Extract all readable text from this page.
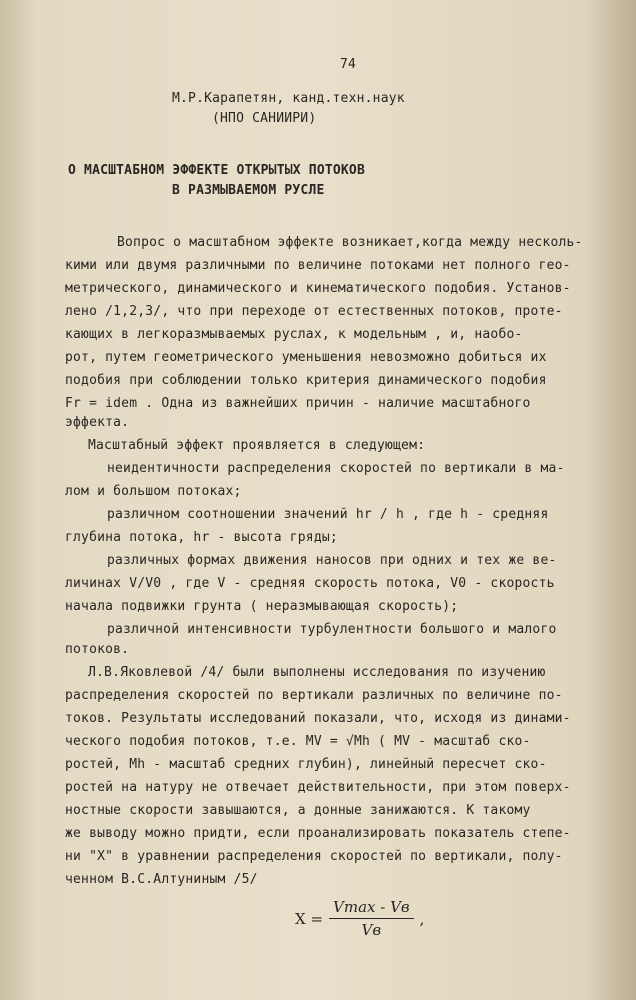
74
М.Р.Карапетян, канд.техн.наук
(НПО САНИИРИ)
О МАСШТАБНОМ ЭФФЕКТЕ ОТКРЫТЫХ ПОТОКОВ
В РАЗМЫВАЕМОМ РУСЛЕ
Вопрос о масштабном эффекте возникает,когда между несколь-
кими или двумя различными по величине потоками нет полного гео-
метрического, динамического и кинематического подобия. Установ-
лено /1,2,3/, что при переходе от естественных потоков, проте-
кающих в легкоразмываемых руслах, к модельным , и, наобо-
рот, путем геометрического уменьшения невозможно добиться их
подобия при соблюдении только критерия динамического подобия
Fr = idem . Одна из важнейших причин - наличие масштабного
эффекта.
Масштабный эффект проявляется в следующем:
неидентичности распределения скоростей по вертикали в ма-
лом и большом потоках;
различном соотношении значений hr / h , где h - средняя
глубина потока, hr - высота гряды;
различных формах движения наносов при одних и тех же ве-
личинах V/V0 , где V - средняя скорость потока, V0 - скорость
начала подвижки грунта ( неразмывающая скорость);
различной интенсивности турбулентности большого и малого
потоков.
Л.В.Яковлевой /4/ были выполнены исследования по изучению
распределения скоростей по вертикали различных по величине по-
токов. Результаты исследований показали, что, исходя из динами-
ческого подобия потоков, т.е. MV = √Mh ( MV - масштаб ско-
ростей, Mh - масштаб средних глубин), линейный пересчет ско-
ростей на натуру не отвечает действительности, при этом поверх-
ностные скорости завышаются, а донные занижаются. К такому
же выводу можно придти, если проанализировать показатель степе-
ни "X" в уравнении распределения скоростей по вертикали, полу-
ченном В.С.Алтуниным /5/
$X = \frac{Vmax - Vв}{Vв}$ ,
